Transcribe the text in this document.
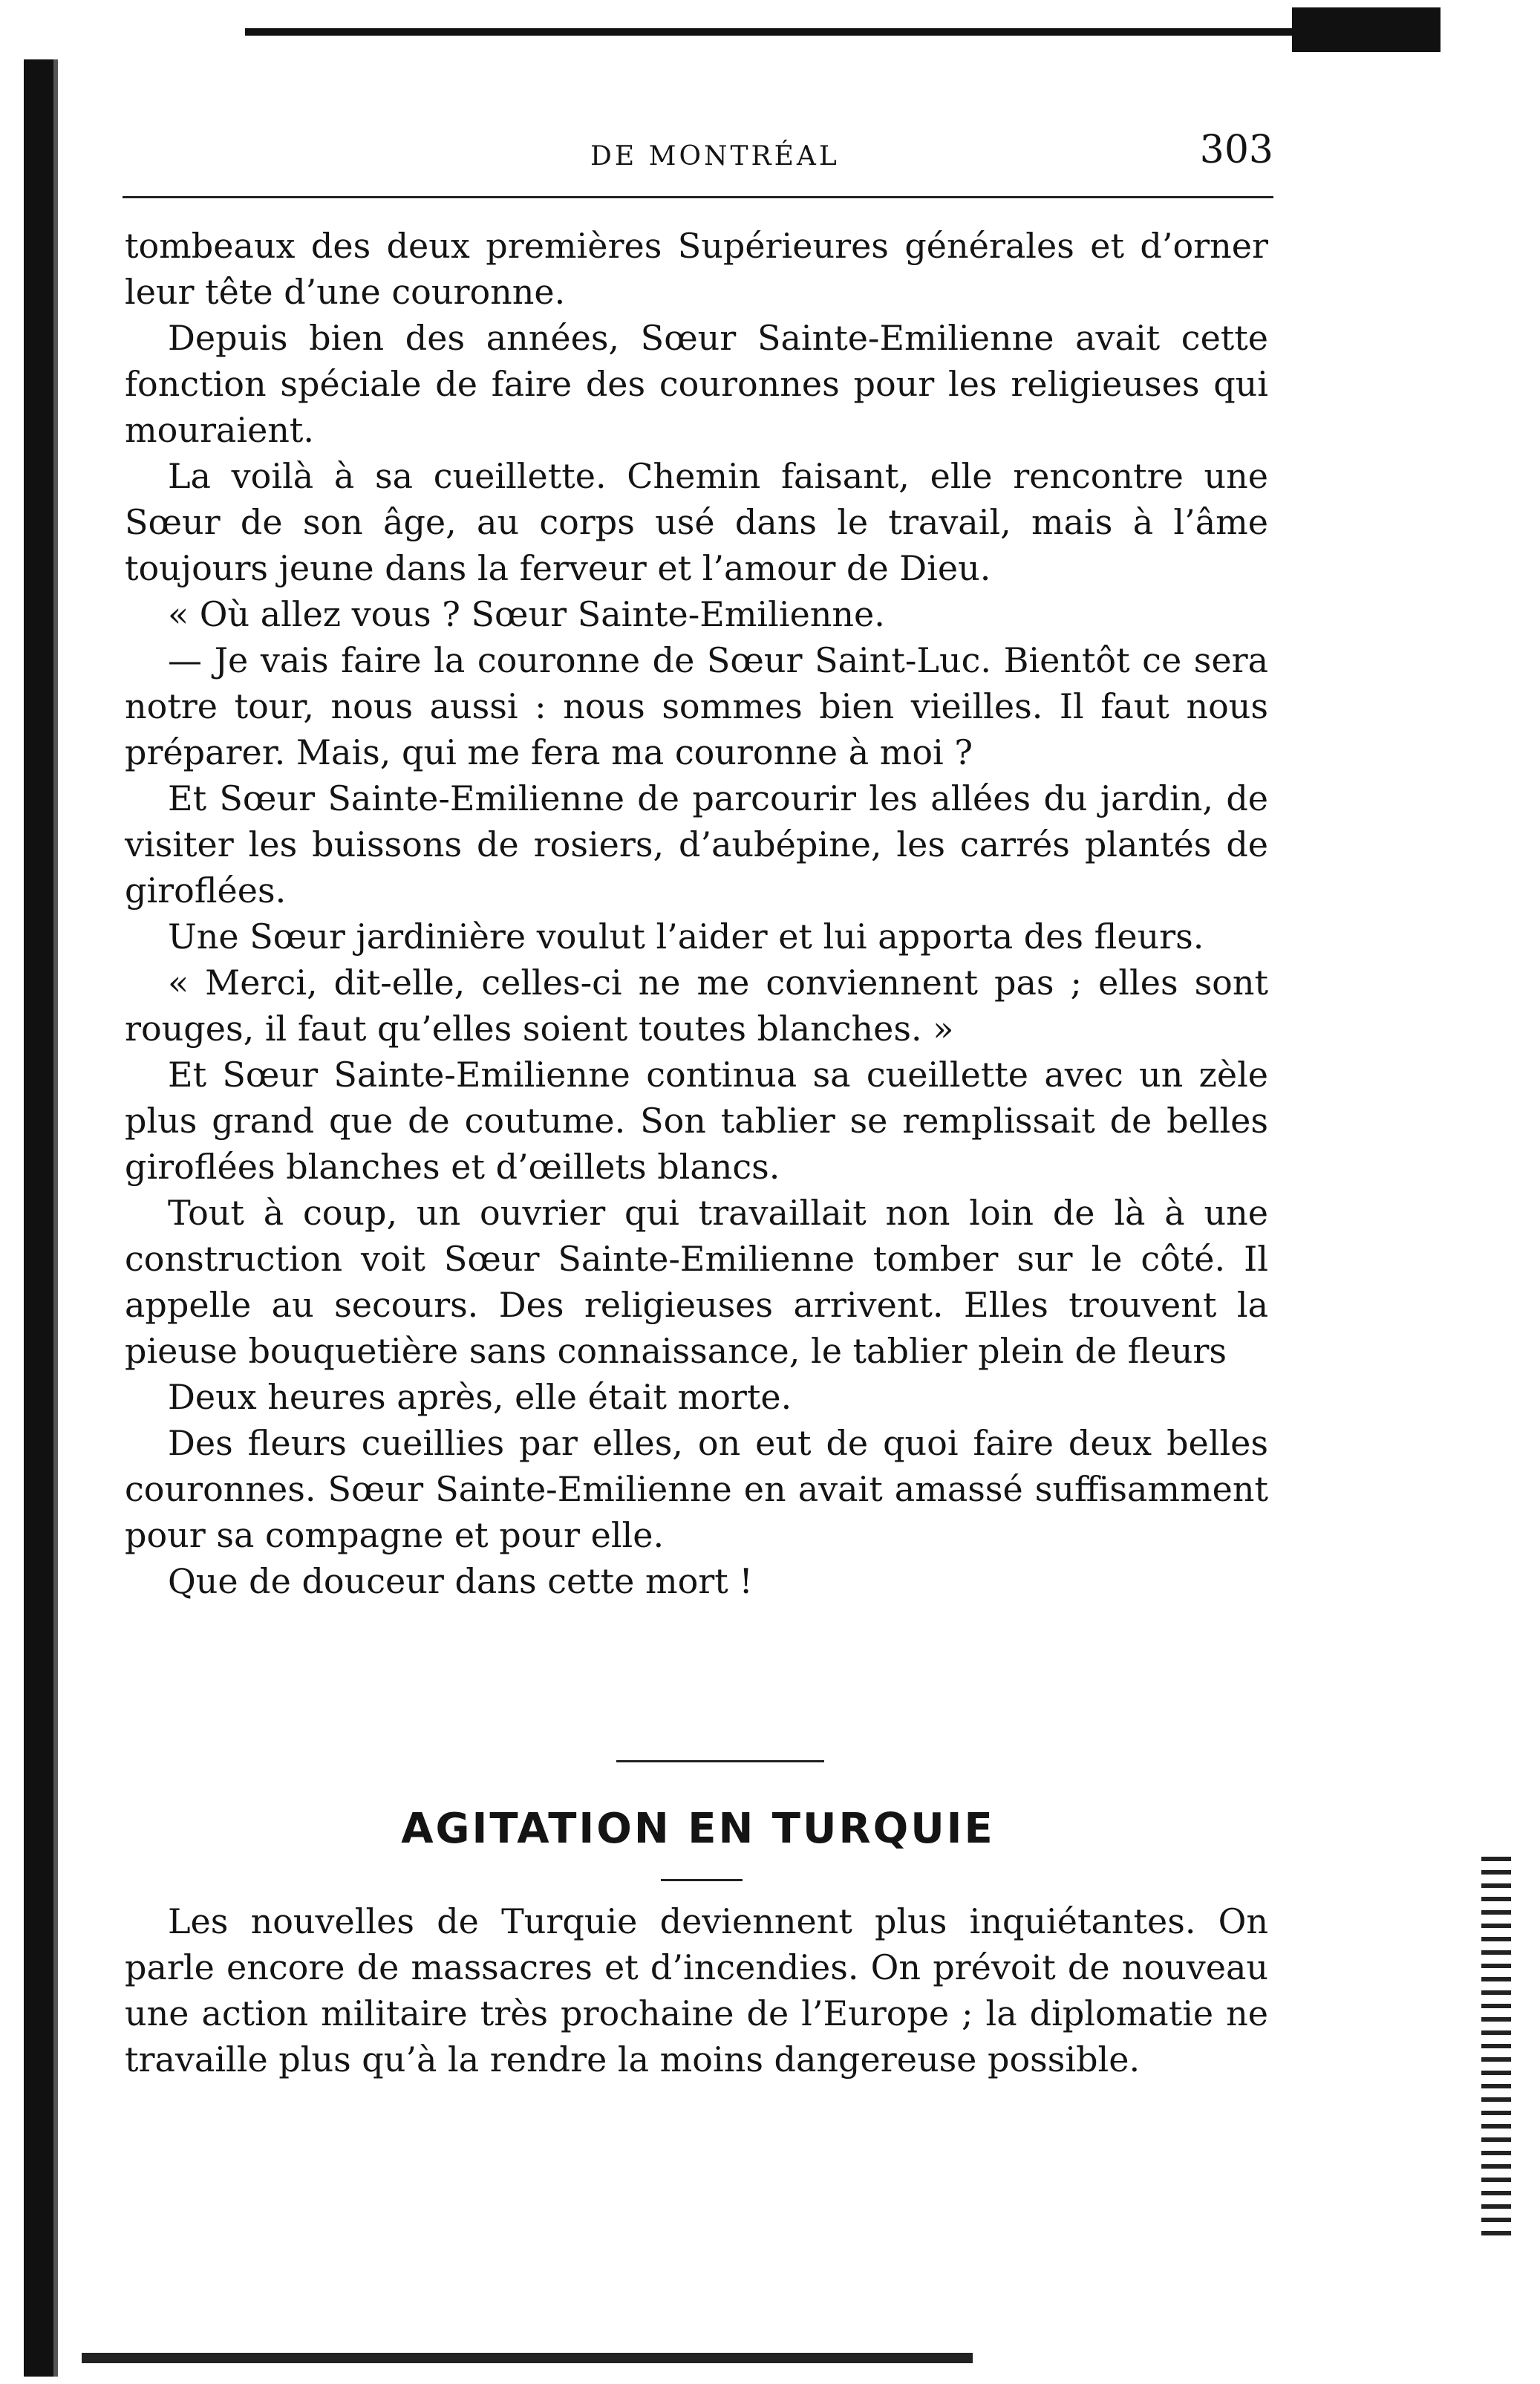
DE MONTRÉAL	303

tombeaux des deux premières Supérieures générales et d’orner leur tête d’une couronne.

Depuis bien des années, Sœur Sainte-Emilienne avait cette fonction spéciale de faire des couronnes pour les religieuses qui mouraient.

La voilà à sa cueillette. Chemin faisant, elle rencontre une Sœur de son âge, au corps usé dans le travail, mais à l’âme toujours jeune dans la ferveur et l’amour de Dieu.

« Où allez vous ? Sœur Sainte-Emilienne.

— Je vais faire la couronne de Sœur Saint-Luc. Bientôt ce sera notre tour, nous aussi : nous sommes bien vieilles. Il faut nous préparer. Mais, qui me fera ma couronne à moi ?

Et Sœur Sainte-Emilienne de parcourir les allées du jardin, de visiter les buissons de rosiers, d’aubépine, les carrés plantés de giroflées.

Une Sœur jardinière voulut l’aider et lui apporta des fleurs.

« Merci, dit-elle, celles-ci ne me conviennent pas ; elles sont rouges, il faut qu’elles soient toutes blanches. »

Et Sœur Sainte-Emilienne continua sa cueillette avec un zèle plus grand que de coutume. Son tablier se remplissait de belles giroflées blanches et d’œillets blancs.

Tout à coup, un ouvrier qui travaillait non loin de là à une construction voit Sœur Sainte-Emilienne tomber sur le côté. Il appelle au secours. Des religieuses arrivent. Elles trouvent la pieuse bouquetière sans connaissance, le tablier plein de fleurs

Deux heures après, elle était morte.

Des fleurs cueillies par elles, on eut de quoi faire deux belles couronnes. Sœur Sainte-Emilienne en avait amassé suffisamment pour sa compagne et pour elle.

Que de douceur dans cette mort !

AGITATION EN TURQUIE

Les nouvelles de Turquie deviennent plus inquiétantes. On parle encore de massacres et d’incendies. On prévoit de nouveau une action militaire très prochaine de l’Europe ; la diplomatie ne travaille plus qu’à la rendre la moins dangereuse possible.
